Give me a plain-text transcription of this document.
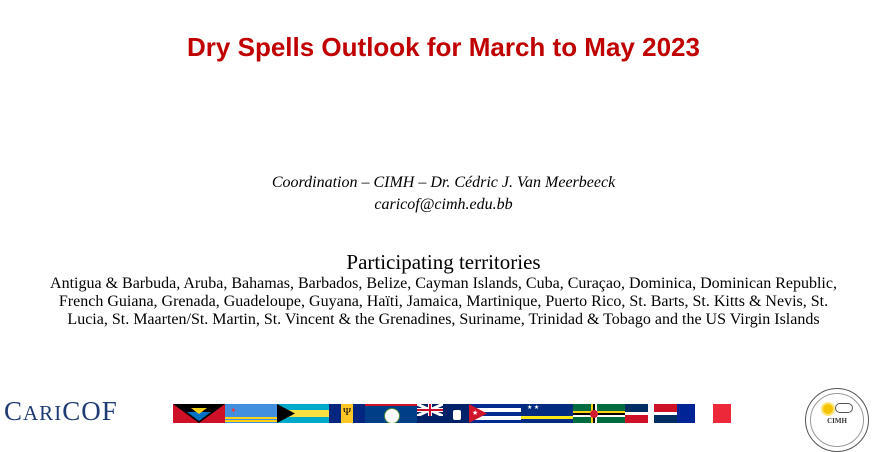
Dry Spells Outlook for March to May 2023
Coordination – CIMH – Dr. Cédric J. Van Meerbeeck
caricof@cimh.edu.bb
Participating territories
Antigua & Barbuda, Aruba, Bahamas, Barbados, Belize, Cayman Islands, Cuba, Curaçao, Dominica, Dominican Republic, French Guiana, Grenada, Guadeloupe, Guyana, Haïti, Jamaica, Martinique, Puerto Rico, St. Barts, St. Kitts & Nevis, St. Lucia, St. Maarten/St. Martin, St. Vincent & the Grenadines, Suriname, Trinidad & Tobago and the US Virgin Islands
CARICOF	✦	Ψ	★
★ ★
CIMH
